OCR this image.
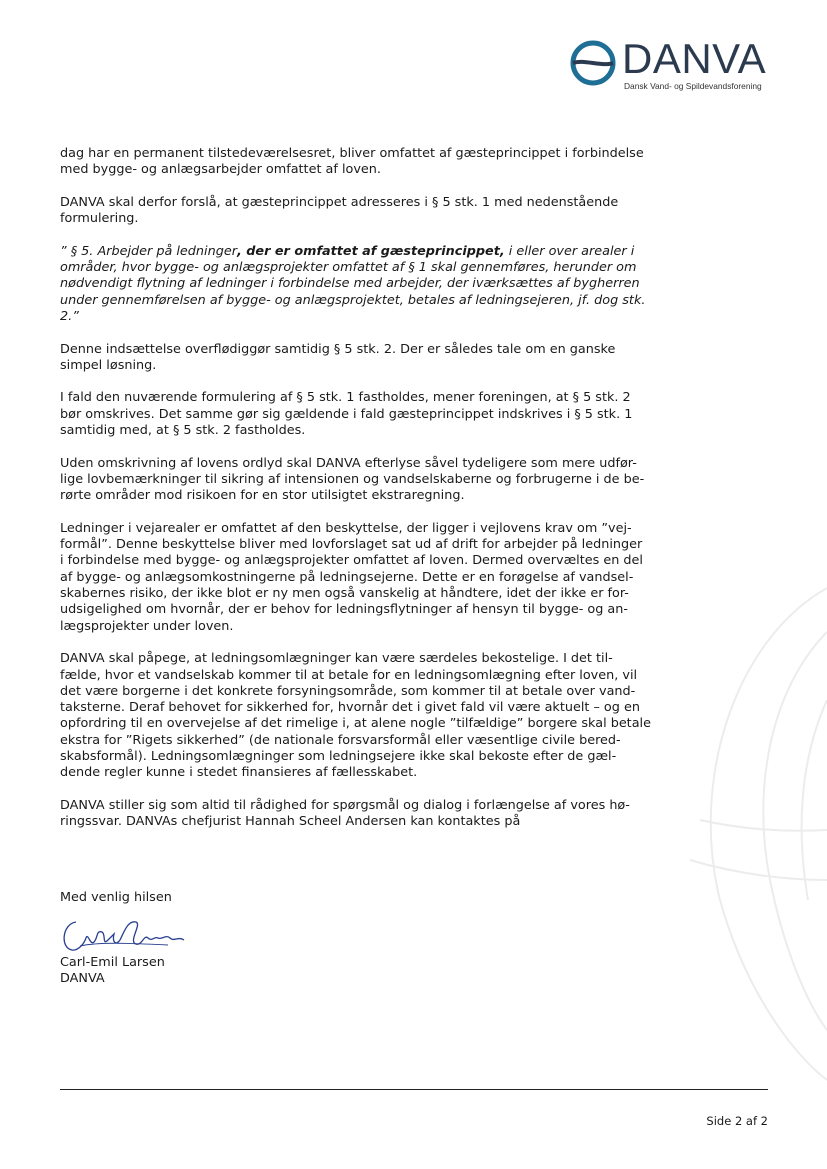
DANVA
Dansk Vand- og Spildevandsforening

dag har en permanent tilstedeværelsesret, bliver omfattet af gæsteprincippet i forbindelse
med bygge- og anlægsarbejder omfattet af loven.

DANVA skal derfor forslå, at gæsteprincippet adresseres i § 5 stk. 1 med nedenstående
formulering.

” § 5. Arbejder på ledninger, der er omfattet af gæsteprincippet, i eller over arealer i
områder, hvor bygge- og anlægsprojekter omfattet af § 1 skal gennemføres, herunder om
nødvendigt flytning af ledninger i forbindelse med arbejder, der iværksættes af bygherren
under gennemførelsen af bygge- og anlægsprojektet, betales af ledningsejeren, jf. dog stk.
2.”

Denne indsættelse overflødiggør samtidig § 5 stk. 2. Der er således tale om en ganske
simpel løsning.

I fald den nuværende formulering af § 5 stk. 1 fastholdes, mener foreningen, at § 5 stk. 2
bør omskrives. Det samme gør sig gældende i fald gæsteprincippet indskrives i § 5 stk. 1
samtidig med, at § 5 stk. 2 fastholdes.

Uden omskrivning af lovens ordlyd skal DANVA efterlyse såvel tydeligere som mere udfør-
lige lovbemærkninger til sikring af intensionen og vandselskaberne og forbrugerne i de be-
rørte områder mod risikoen for en stor utilsigtet ekstraregning.

Ledninger i vejarealer er omfattet af den beskyttelse, der ligger i vejlovens krav om ”vej-
formål”. Denne beskyttelse bliver med lovforslaget sat ud af drift for arbejder på ledninger
i forbindelse med bygge- og anlægsprojekter omfattet af loven. Dermed overvæltes en del
af bygge- og anlægsomkostningerne på ledningsejerne. Dette er en forøgelse af vandsel-
skabernes risiko, der ikke blot er ny men også vanskelig at håndtere, idet der ikke er for-
udsigelighed om hvornår, der er behov for ledningsflytninger af hensyn til bygge- og an-
lægsprojekter under loven.

DANVA skal påpege, at ledningsomlægninger kan være særdeles bekostelige. I det til-
fælde, hvor et vandselskab kommer til at betale for en ledningsomlægning efter loven, vil
det være borgerne i det konkrete forsyningsområde, som kommer til at betale over vand-
taksterne. Deraf behovet for sikkerhed for, hvornår det i givet fald vil være aktuelt – og en
opfordring til en overvejelse af det rimelige i, at alene nogle ”tilfældige” borgere skal betale
ekstra for ”Rigets sikkerhed” (de nationale forsvarsformål eller væsentlige civile bered-
skabsformål). Ledningsomlægninger som ledningsejere ikke skal bekoste efter de gæl-
dende regler kunne i stedet finansieres af fællesskabet.

DANVA stiller sig som altid til rådighed for spørgsmål og dialog i forlængelse af vores hø-
ringssvar. DANVAs chefjurist Hannah Scheel Andersen kan kontaktes på

Med venlig hilsen
Carl-Emil Larsen
DANVA
Side 2 af 2
